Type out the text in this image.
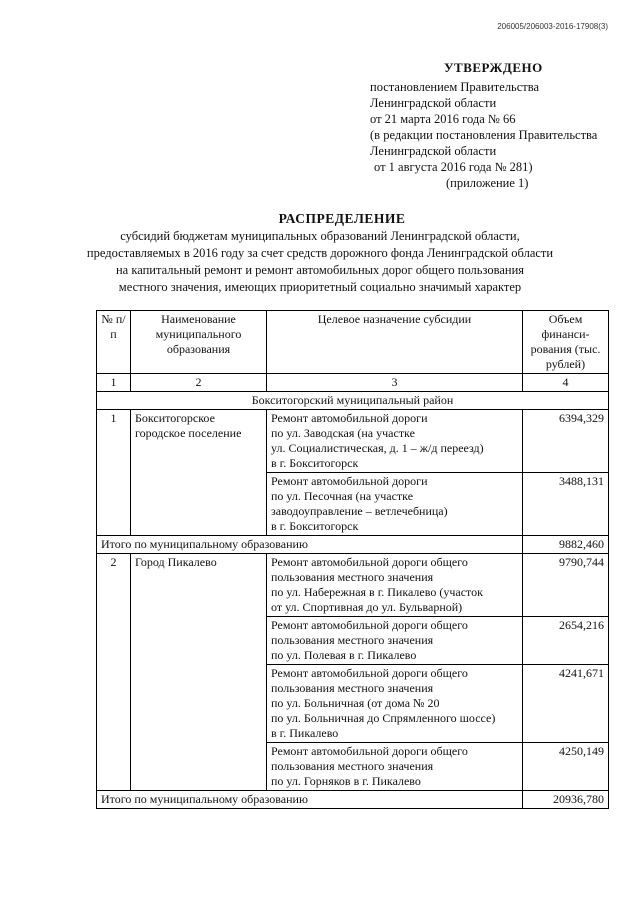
206005/206003-2016-17908(3)
УТВЕРЖДЕНО
постановлением Правительства
Ленинградской области
от 21 марта 2016 года № 66
(в редакции постановления Правительства
Ленинградской области
от 1 августа 2016 года № 281)
(приложение 1)
РАСПРЕДЕЛЕНИЕ
субсидий бюджетам муниципальных образований Ленинградской области,
предоставляемых в 2016 году за счет средств дорожного фонда Ленинградской области
на капитальный ремонт и ремонт автомобильных дорог общего пользования
местного значения, имеющих приоритетный социально значимый характер
№ п/п	Наименование муниципального образования	Целевое назначение субсидии	Объем финанси-рования (тыс. рублей)
1	2	3	4
Бокситогорский муниципальный район			
1	Бокситогорское городское поселение	Ремонт автомобильной дороги
по ул. Заводская (на участке
ул. Социалистическая, д. 1 – ж/д переезд)
в г. Бокситогорск	6394,329

		Ремонт автомобильной дороги
по ул. Песочная (на участке
заводоуправление – ветлечебница)
в г. Бокситогорск	3488,131
Итого по муниципальному образованию			9882,460
2	Город Пикалево	Ремонт автомобильной дороги общего
пользования местного значения
по ул. Набережная в г. Пикалево (участок
от ул. Спортивная до ул. Бульварной)	9790,744

		Ремонт автомобильной дороги общего
пользования местного значения
по ул. Полевая в г. Пикалево	2654,216

		Ремонт автомобильной дороги общего
пользования местного значения
по ул. Больничная (от дома № 20
по ул. Больничная до Спрямленного шоссе)
в г. Пикалево	4241,671

		Ремонт автомобильной дороги общего
пользования местного значения
по ул. Горняков в г. Пикалево	4250,149
Итого по муниципальному образованию			20936,780
